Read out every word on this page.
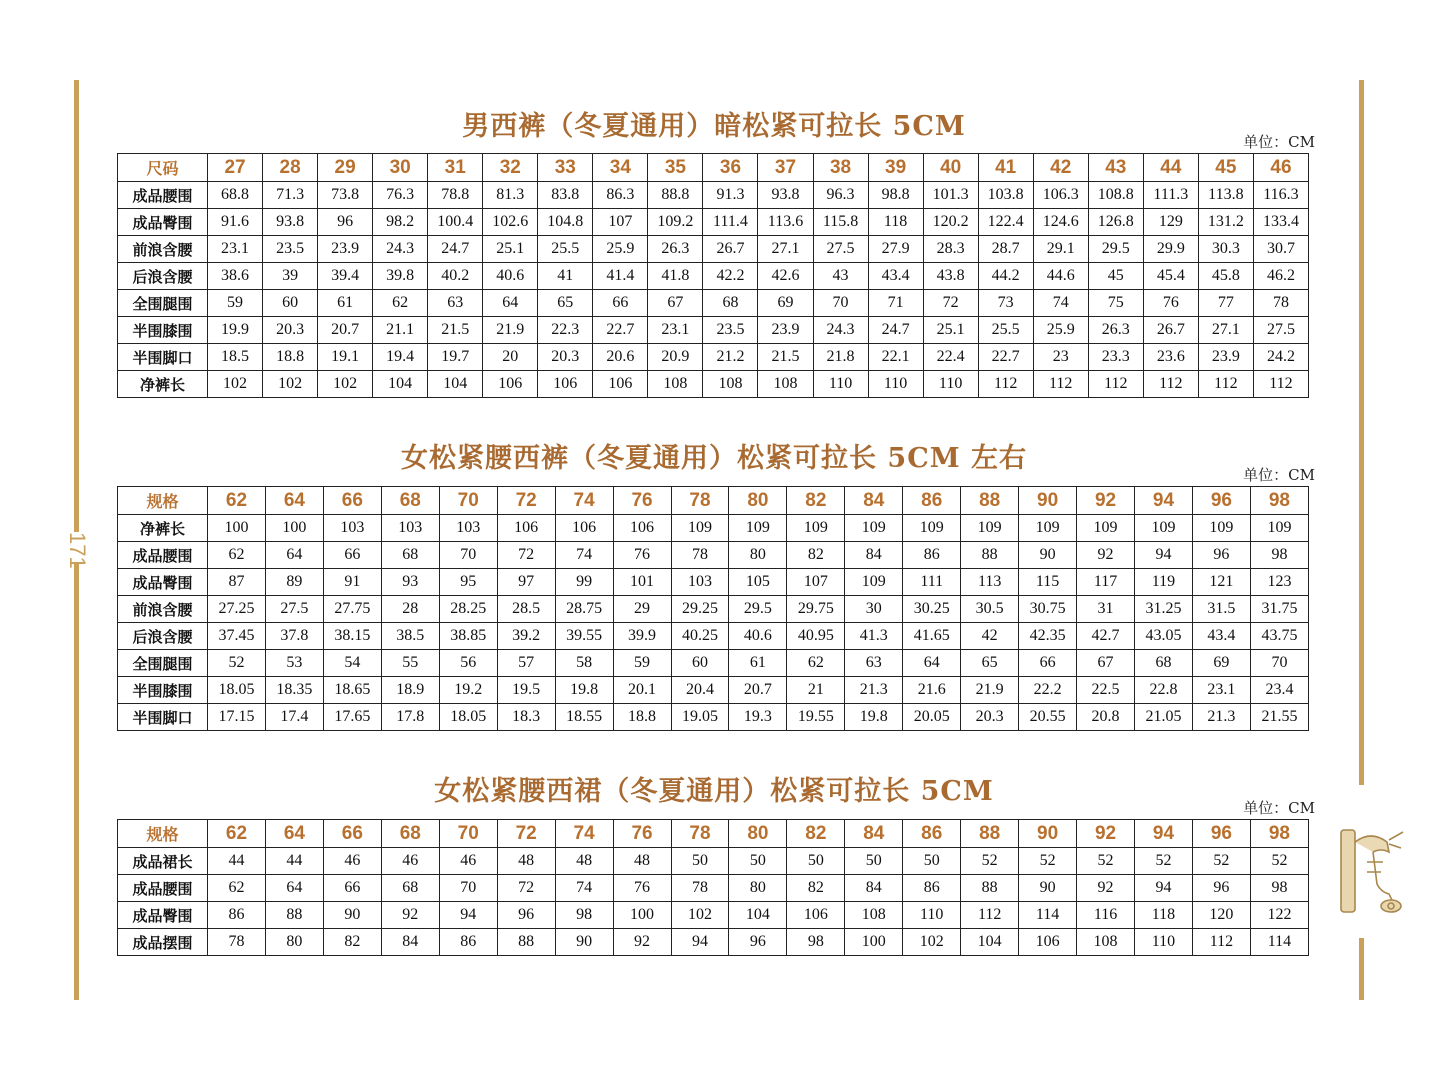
171
男西裤（冬夏通用）暗松紧可拉长 5CM	单位：CM
尺码	27	28	29	30	31	32	33	34	35	36	37	38	39	40	41	42	43	44	45	46
成品腰围	68.8	71.3	73.8	76.3	78.8	81.3	83.8	86.3	88.8	91.3	93.8	96.3	98.8	101.3	103.8	106.3	108.8	111.3	113.8	116.3
成品臀围	91.6	93.8	96	98.2	100.4	102.6	104.8	107	109.2	111.4	113.6	115.8	118	120.2	122.4	124.6	126.8	129	131.2	133.4
前浪含腰	23.1	23.5	23.9	24.3	24.7	25.1	25.5	25.9	26.3	26.7	27.1	27.5	27.9	28.3	28.7	29.1	29.5	29.9	30.3	30.7
后浪含腰	38.6	39	39.4	39.8	40.2	40.6	41	41.4	41.8	42.2	42.6	43	43.4	43.8	44.2	44.6	45	45.4	45.8	46.2
全围腿围	59	60	61	62	63	64	65	66	67	68	69	70	71	72	73	74	75	76	77	78
半围膝围	19.9	20.3	20.7	21.1	21.5	21.9	22.3	22.7	23.1	23.5	23.9	24.3	24.7	25.1	25.5	25.9	26.3	26.7	27.1	27.5
半围脚口	18.5	18.8	19.1	19.4	19.7	20	20.3	20.6	20.9	21.2	21.5	21.8	22.1	22.4	22.7	23	23.3	23.6	23.9	24.2
净裤长	102	102	102	104	104	106	106	106	108	108	108	110	110	110	112	112	112	112	112	112
女松紧腰西裤（冬夏通用）松紧可拉长 5CM 左右
单位：CM
规格	62	64	66	68	70	72	74	76	78	80	82	84	86	88	90	92	94	96	98
净裤长	100	100	103	103	103	106	106	106	109	109	109	109	109	109	109	109	109	109	109
成品腰围	62	64	66	68	70	72	74	76	78	80	82	84	86	88	90	92	94	96	98
成品臀围	87	89	91	93	95	97	99	101	103	105	107	109	111	113	115	117	119	121	123
前浪含腰	27.25	27.5	27.75	28	28.25	28.5	28.75	29	29.25	29.5	29.75	30	30.25	30.5	30.75	31	31.25	31.5	31.75
后浪含腰	37.45	37.8	38.15	38.5	38.85	39.2	39.55	39.9	40.25	40.6	40.95	41.3	41.65	42	42.35	42.7	43.05	43.4	43.75
全围腿围	52	53	54	55	56	57	58	59	60	61	62	63	64	65	66	67	68	69	70
半围膝围	18.05	18.35	18.65	18.9	19.2	19.5	19.8	20.1	20.4	20.7	21	21.3	21.6	21.9	22.2	22.5	22.8	23.1	23.4
半围脚口	17.15	17.4	17.65	17.8	18.05	18.3	18.55	18.8	19.05	19.3	19.55	19.8	20.05	20.3	20.55	20.8	21.05	21.3	21.55
女松紧腰西裙（冬夏通用）松紧可拉长 5CM
单位：CM
规格	62	64	66	68	70	72	74	76	78	80	82	84	86	88	90	92	94	96	98
成品裙长	44	44	46	46	46	48	48	48	50	50	50	50	50	52	52	52	52	52	52
成品腰围	62	64	66	68	70	72	74	76	78	80	82	84	86	88	90	92	94	96	98
成品臀围	86	88	90	92	94	96	98	100	102	104	106	108	110	112	114	116	118	120	122
成品摆围	78	80	82	84	86	88	90	92	94	96	98	100	102	104	106	108	110	112	114
